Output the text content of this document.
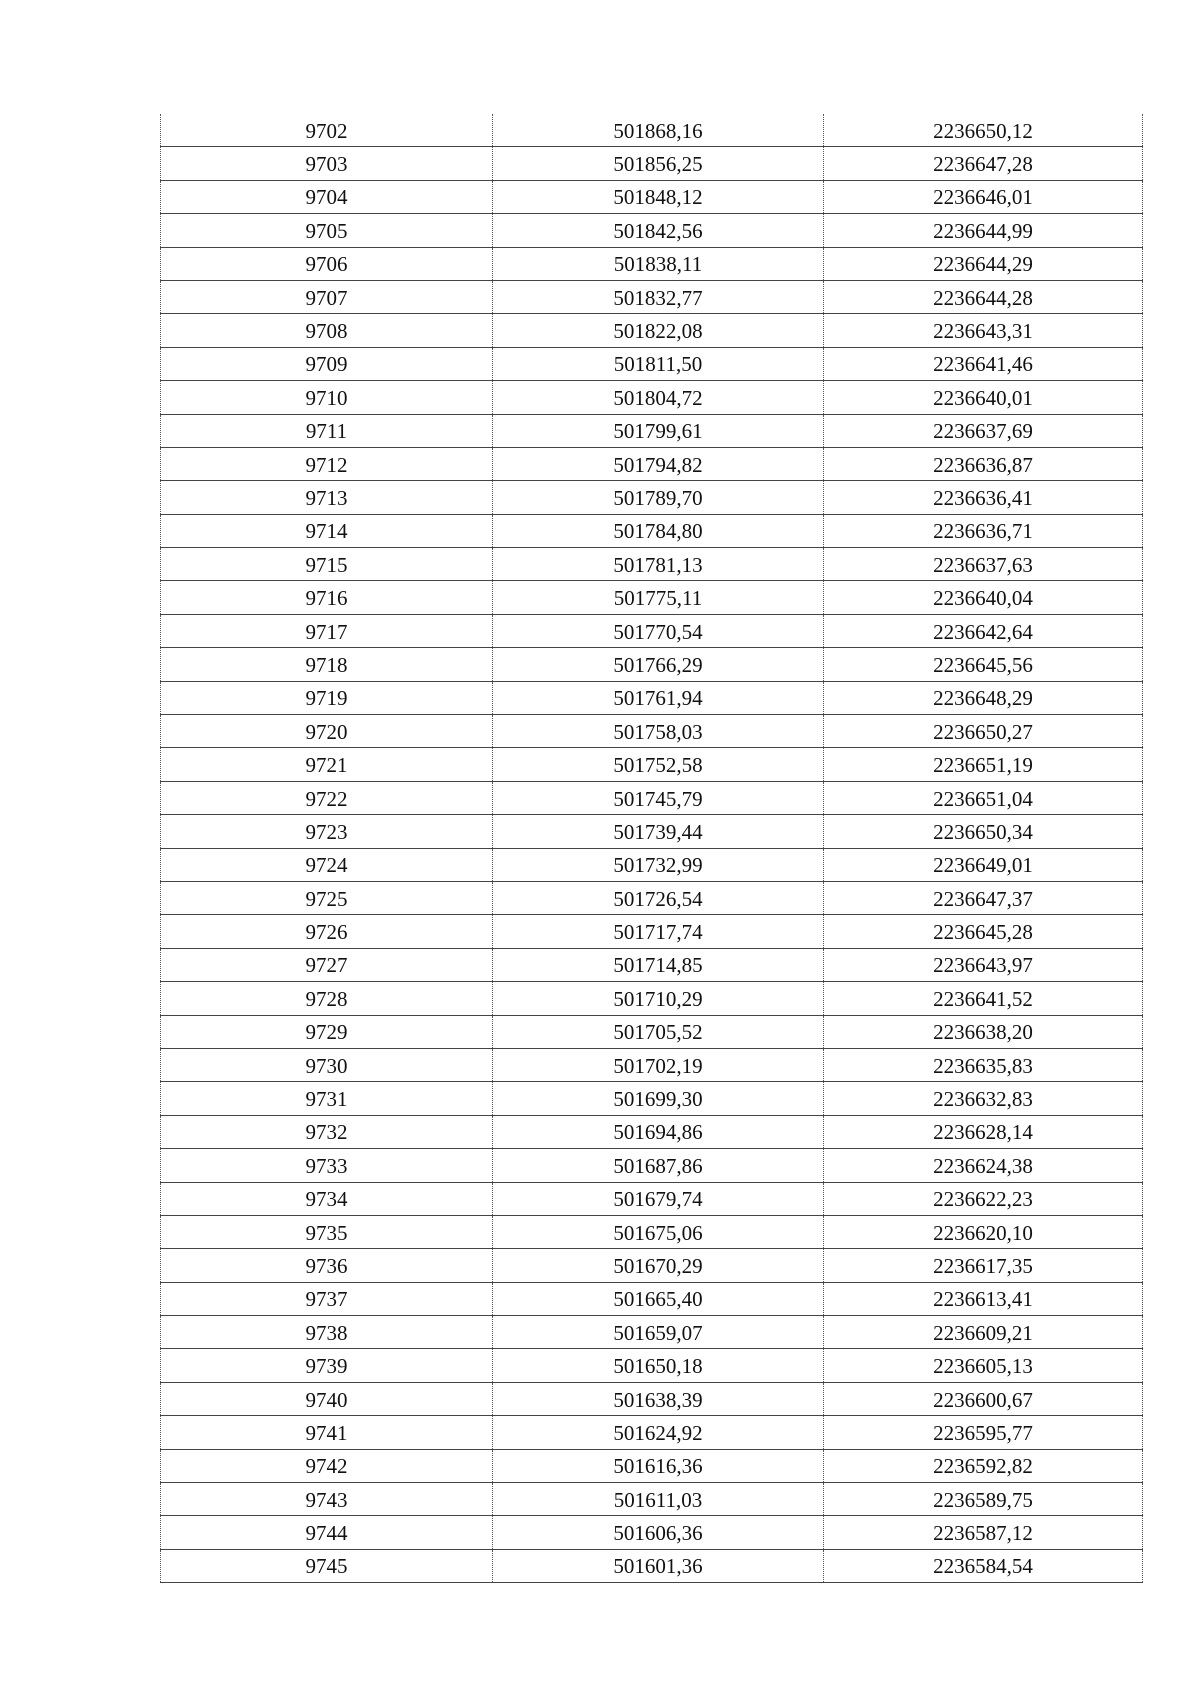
9702	501868,16	2236650,12
9703	501856,25	2236647,28
9704	501848,12	2236646,01
9705	501842,56	2236644,99
9706	501838,11	2236644,29
9707	501832,77	2236644,28
9708	501822,08	2236643,31
9709	501811,50	2236641,46
9710	501804,72	2236640,01
9711	501799,61	2236637,69
9712	501794,82	2236636,87
9713	501789,70	2236636,41
9714	501784,80	2236636,71
9715	501781,13	2236637,63
9716	501775,11	2236640,04
9717	501770,54	2236642,64
9718	501766,29	2236645,56
9719	501761,94	2236648,29
9720	501758,03	2236650,27
9721	501752,58	2236651,19
9722	501745,79	2236651,04
9723	501739,44	2236650,34
9724	501732,99	2236649,01
9725	501726,54	2236647,37
9726	501717,74	2236645,28
9727	501714,85	2236643,97
9728	501710,29	2236641,52
9729	501705,52	2236638,20
9730	501702,19	2236635,83
9731	501699,30	2236632,83
9732	501694,86	2236628,14
9733	501687,86	2236624,38
9734	501679,74	2236622,23
9735	501675,06	2236620,10
9736	501670,29	2236617,35
9737	501665,40	2236613,41
9738	501659,07	2236609,21
9739	501650,18	2236605,13
9740	501638,39	2236600,67
9741	501624,92	2236595,77
9742	501616,36	2236592,82
9743	501611,03	2236589,75
9744	501606,36	2236587,12
9745	501601,36	2236584,54
